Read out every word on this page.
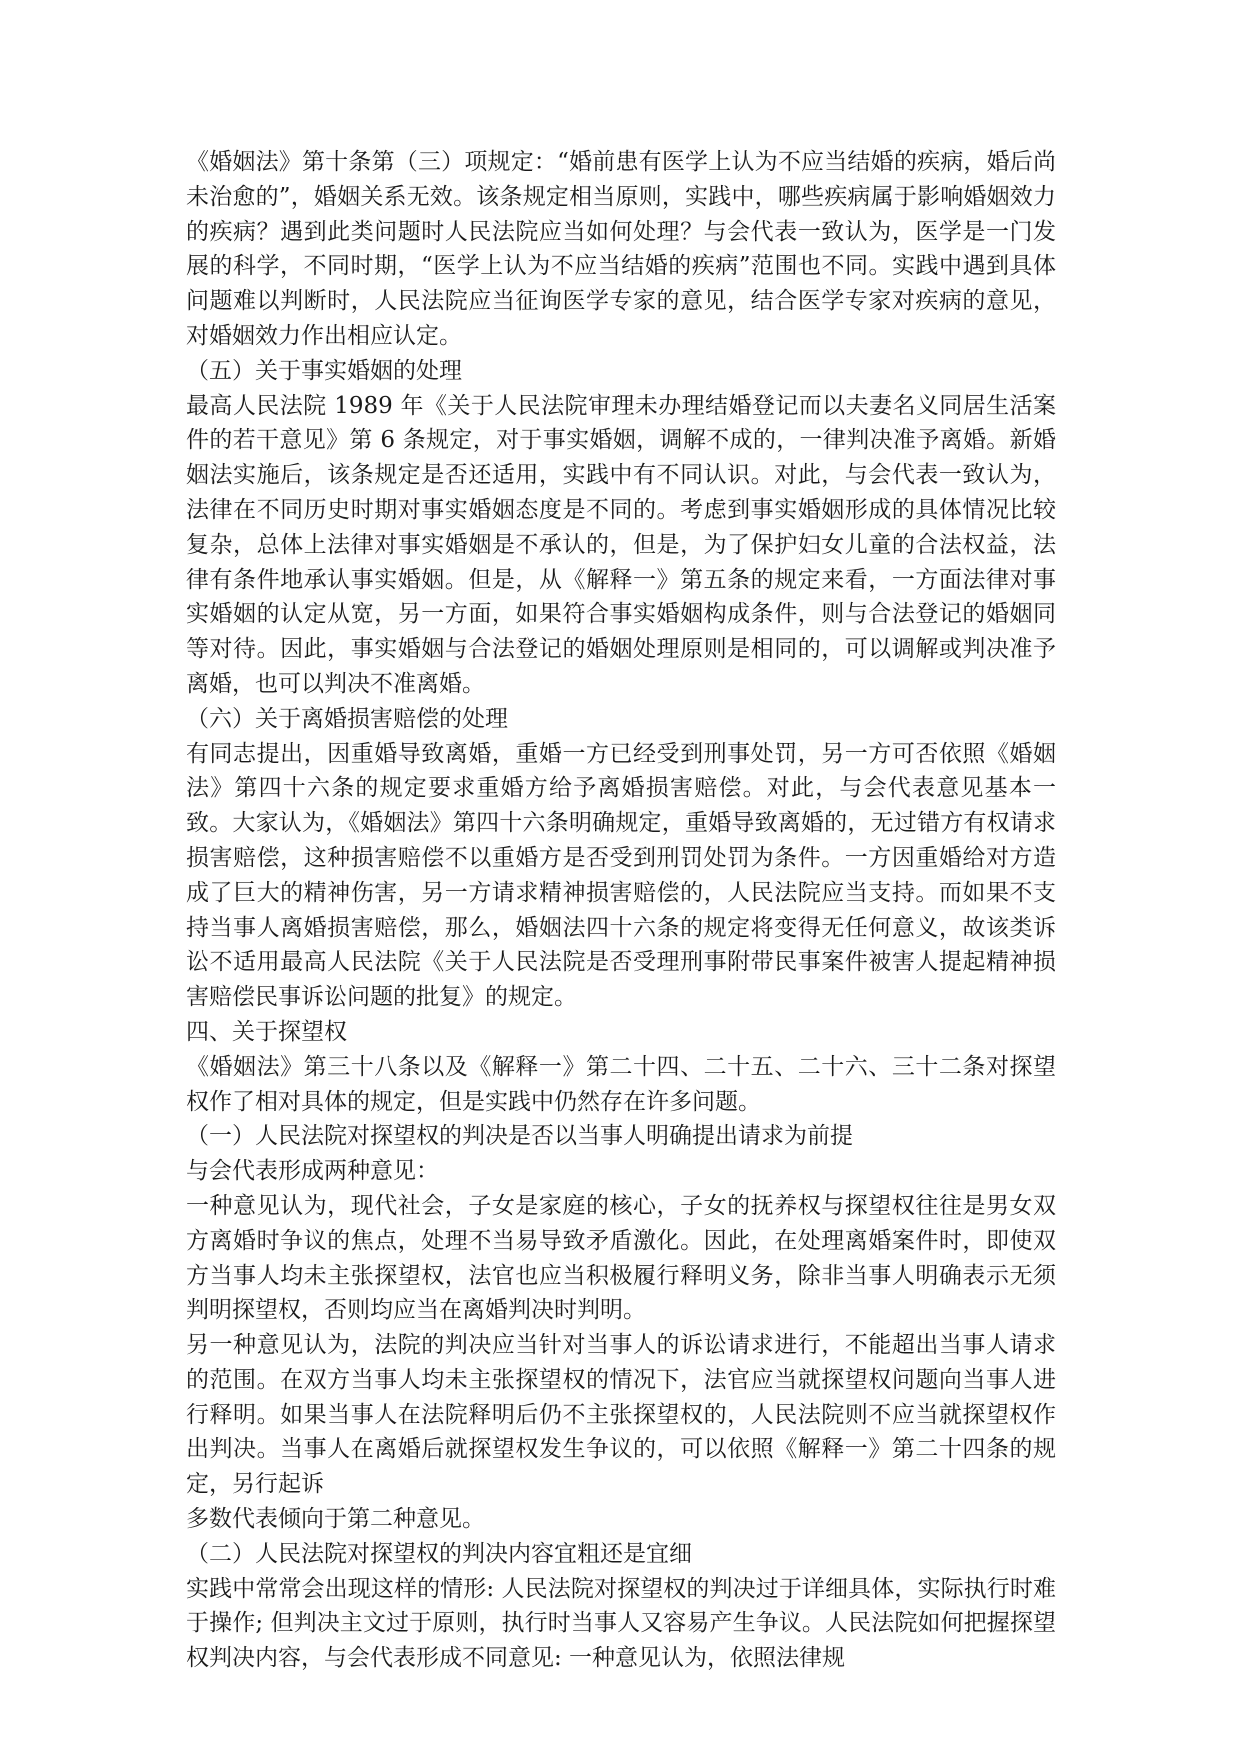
《婚姻法》第十条第（三）项规定：“婚前患有医学上认为不应当结婚的疾病，婚后尚未治愈的”，婚姻关系无效。该条规定相当原则，实践中，哪些疾病属于影响婚姻效力的疾病？遇到此类问题时人民法院应当如何处理？与会代表一致认为，医学是一门发展的科学，不同时期，“医学上认为不应当结婚的疾病”范围也不同。实践中遇到具体问题难以判断时，人民法院应当征询医学专家的意见，结合医学专家对疾病的意见，对婚姻效力作出相应认定。

（五）关于事实婚姻的处理

最高人民法院 1989 年《关于人民法院审理未办理结婚登记而以夫妻名义同居生活案件的若干意见》第 6 条规定，对于事实婚姻，调解不成的，一律判决准予离婚。新婚姻法实施后，该条规定是否还适用，实践中有不同认识。对此，与会代表一致认为，法律在不同历史时期对事实婚姻态度是不同的。考虑到事实婚姻形成的具体情况比较复杂，总体上法律对事实婚姻是不承认的，但是，为了保护妇女儿童的合法权益，法律有条件地承认事实婚姻。但是，从《解释一》第五条的规定来看，一方面法律对事实婚姻的认定从宽，另一方面，如果符合事实婚姻构成条件，则与合法登记的婚姻同等对待。因此，事实婚姻与合法登记的婚姻处理原则是相同的，可以调解或判决准予离婚，也可以判决不准离婚。

（六）关于离婚损害赔偿的处理

有同志提出，因重婚导致离婚，重婚一方已经受到刑事处罚，另一方可否依照《婚姻法》第四十六条的规定要求重婚方给予离婚损害赔偿。对此，与会代表意见基本一致。大家认为，《婚姻法》第四十六条明确规定，重婚导致离婚的，无过错方有权请求损害赔偿，这种损害赔偿不以重婚方是否受到刑罚处罚为条件。一方因重婚给对方造成了巨大的精神伤害，另一方请求精神损害赔偿的，人民法院应当支持。而如果不支持当事人离婚损害赔偿，那么，婚姻法四十六条的规定将变得无任何意义，故该类诉讼不适用最高人民法院《关于人民法院是否受理刑事附带民事案件被害人提起精神损害赔偿民事诉讼问题的批复》的规定。

四、关于探望权

《婚姻法》第三十八条以及《解释一》第二十四、二十五、二十六、三十二条对探望权作了相对具体的规定，但是实践中仍然存在许多问题。

（一）人民法院对探望权的判决是否以当事人明确提出请求为前提

与会代表形成两种意见：

一种意见认为，现代社会，子女是家庭的核心，子女的抚养权与探望权往往是男女双方离婚时争议的焦点，处理不当易导致矛盾激化。因此，在处理离婚案件时，即使双方当事人均未主张探望权，法官也应当积极履行释明义务，除非当事人明确表示无须判明探望权，否则均应当在离婚判决时判明。

另一种意见认为，法院的判决应当针对当事人的诉讼请求进行，不能超出当事人请求的范围。在双方当事人均未主张探望权的情况下，法官应当就探望权问题向当事人进行释明。如果当事人在法院释明后仍不主张探望权的，人民法院则不应当就探望权作出判决。当事人在离婚后就探望权发生争议的，可以依照《解释一》第二十四条的规定，另行起诉

多数代表倾向于第二种意见。

（二）人民法院对探望权的判决内容宜粗还是宜细

实践中常常会出现这样的情形: 人民法院对探望权的判决过于详细具体，实际执行时难于操作; 但判决主文过于原则，执行时当事人又容易产生争议。人民法院如何把握探望权判决内容，与会代表形成不同意见: 一种意见认为，依照法律规
